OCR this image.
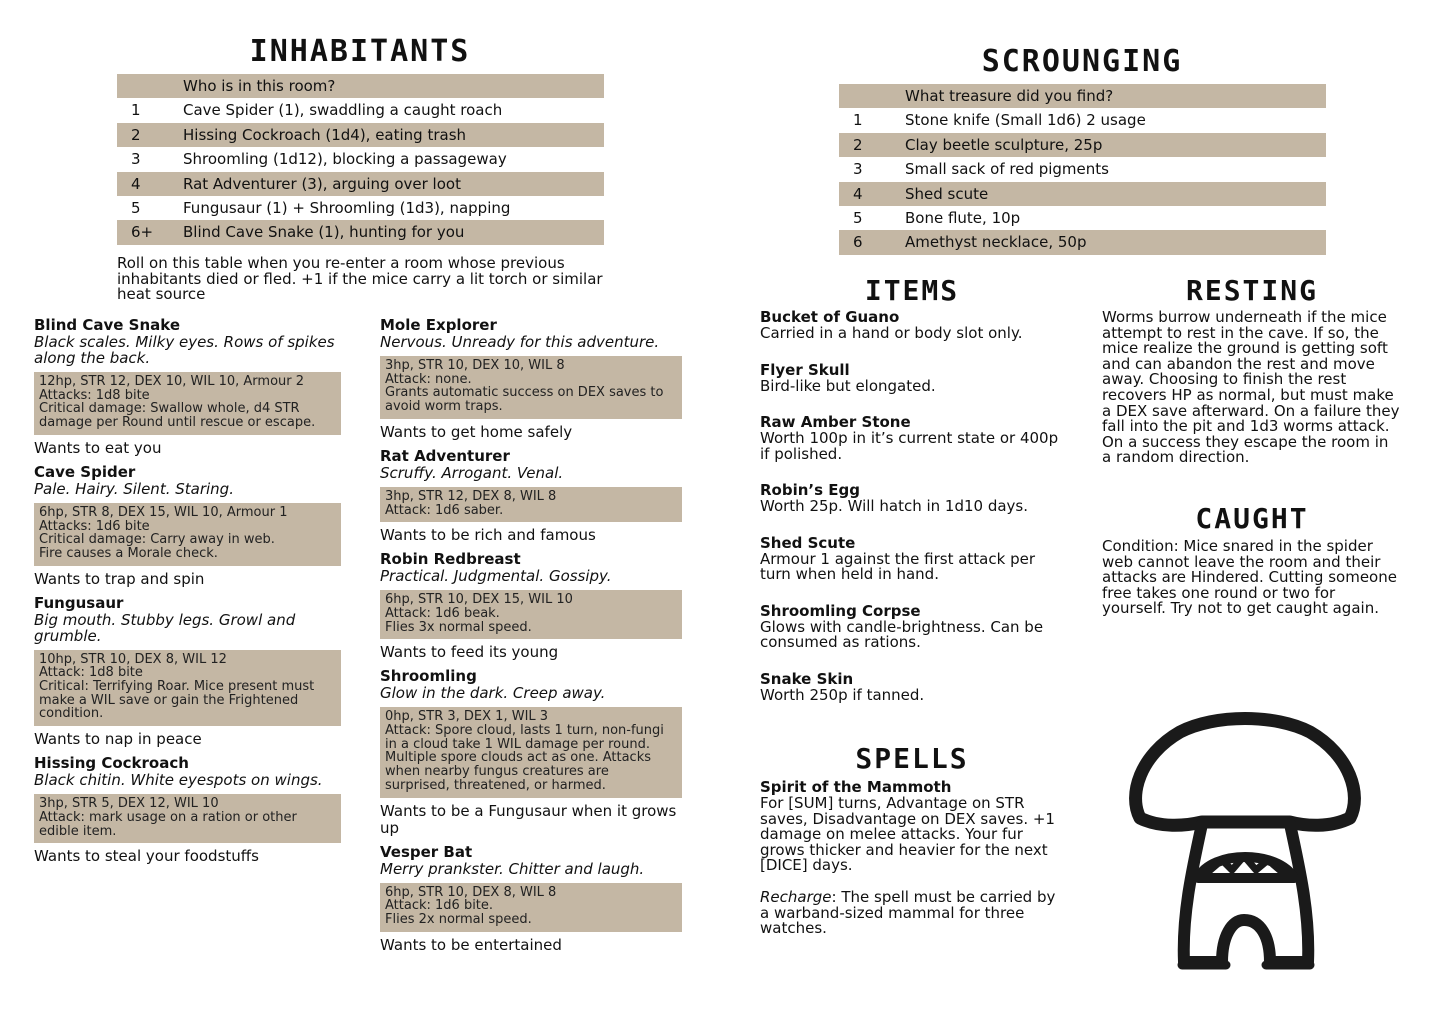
INHABITANTS
	Who is in this room?
1	Cave Spider (1), swaddling a caught roach
2	Hissing Cockroach (1d4), eating trash
3	Shroomling (1d12), blocking a passageway
4	Rat Adventurer (3), arguing over loot
5	Fungusaur (1) + Shroomling (1d3), napping
6+	Blind Cave Snake (1), hunting for you

Roll on this table when you re-enter a room whose previous inhabitants died or fled. +1 if the mice carry a lit torch or similar heat source

Blind Cave Snake
Black scales. Milky eyes. Rows of spikes along the back.
12hp, STR 12, DEX 10, WIL 10, Armour 2
Attacks: 1d8 bite
Critical damage: Swallow whole, d4 STR damage per Round until rescue or escape.
Wants to eat you
Cave Spider
Pale. Hairy. Silent. Staring.
6hp, STR 8, DEX 15, WIL 10, Armour 1
Attacks: 1d6 bite
Critical damage: Carry away in web.
Fire causes a Morale check.
Wants to trap and spin
Fungusaur
Big mouth. Stubby legs. Growl and grumble.
10hp, STR 10, DEX 8, WIL 12
Attack: 1d8 bite
Critical: Terrifying Roar. Mice present must make a WIL save or gain the Frightened condition.
Wants to nap in peace
Hissing Cockroach
Black chitin. White eyespots on wings.
3hp, STR 5, DEX 12, WIL 10
Attack: mark usage on a ration or other edible item.
Wants to steal your foodstuffs
Mole Explorer
Nervous. Unready for this adventure.
3hp, STR 10, DEX 10, WIL 8
Attack: none.
Grants automatic success on DEX saves to avoid worm traps.
Wants to get home safely
Rat Adventurer
Scruffy. Arrogant. Venal.
3hp, STR 12, DEX 8, WIL 8
Attack: 1d6 saber.
Wants to be rich and famous
Robin Redbreast
Practical. Judgmental. Gossipy.
6hp, STR 10, DEX 15, WIL 10
Attack: 1d6 beak.
Flies 3x normal speed.
Wants to feed its young
Shroomling
Glow in the dark. Creep away.
0hp, STR 3, DEX 1, WIL 3
Attack: Spore cloud, lasts 1 turn, non-fungi in a cloud take 1 WIL damage per round. Multiple spore clouds act as one. Attacks when nearby fungus creatures are surprised, threatened, or harmed.
Wants to be a Fungusaur when it grows up
Vesper Bat
Merry prankster. Chitter and laugh.
6hp, STR 10, DEX 8, WIL 8
Attack: 1d6 bite.
Flies 2x normal speed.
Wants to be entertained
SCROUNGING
	What treasure did you find?
1	Stone knife (Small 1d6) 2 usage
2	Clay beetle sculpture, 25p
3	Small sack of red pigments
4	Shed scute
5	Bone flute, 10p
6	Amethyst necklace, 50p
ITEMS
Bucket of Guano
Carried in a hand or body slot only.
Flyer Skull
Bird-like but elongated.
Raw Amber Stone
Worth 100p in it’s current state or 400p if polished.
Robin’s Egg
Worth 25p. Will hatch in 1d10 days.
Shed Scute
Armour 1 against the first attack per turn when held in hand.
Shroomling Corpse
Glows with candle-brightness. Can be consumed as rations.
Snake Skin
Worth 250p if tanned.
SPELLS
Spirit of the Mammoth
For [SUM] turns, Advantage on STR saves, Disadvantage on DEX saves. +1 damage on melee attacks. Your fur grows thicker and heavier for the next [DICE] days.
Recharge: The spell must be carried by a warband-sized mammal for three watches.
RESTING
Worms burrow underneath if the mice attempt to rest in the cave. If so, the mice realize the ground is getting soft and can abandon the rest and move away. Choosing to finish the rest recovers HP as normal, but must make a DEX save afterward. On a failure they fall into the pit and 1d3 worms attack. On a success they escape the room in a random direction.
CAUGHT
Condition: Mice snared in the spider web cannot leave the room and their attacks are Hindered. Cutting someone free takes one round or two for yourself. Try not to get caught again.
